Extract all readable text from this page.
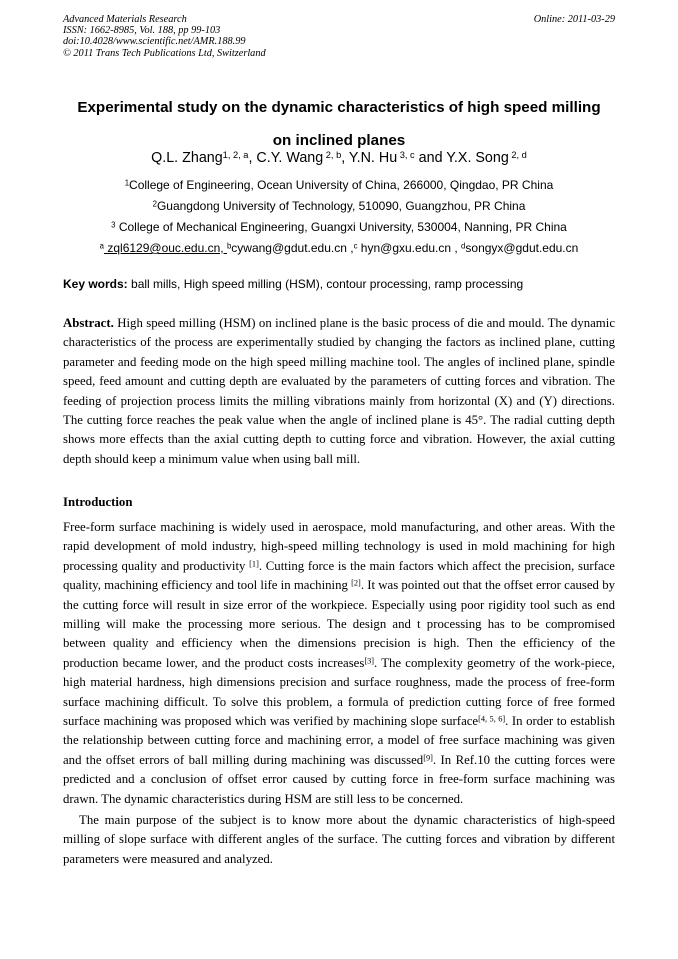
Advanced Materials Research
ISSN: 1662-8985, Vol. 188, pp 99-103
doi:10.4028/www.scientific.net/AMR.188.99
© 2011 Trans Tech Publications Ltd, Switzerland
Online: 2011-03-29
Experimental study on the dynamic characteristics of high speed milling
on inclined planes
Q.L. Zhang$^{1, 2, a}$, C.Y. Wang $^{2, b}$, Y.N. Hu $^{3, c}$ and Y.X. Song $^{2, d}$
$^1$College of Engineering, Ocean University of China, 266000, Qingdao, PR China
$^2$Guangdong University of Technology, 510090, Guangzhou, PR China
$^3$ College of Mechanical Engineering, Guangxi University, 530004, Nanning, PR China
$^a$ zql6129@ouc.edu.cn, $^b$cywang@gdut.edu.cn ,$^c$ hyn@gxu.edu.cn , $^d$songyx@gdut.edu.cn
Key words: ball mills, High speed milling (HSM), contour processing, ramp processing
Abstract. High speed milling (HSM) on inclined plane is the basic process of die and mould. The dynamic characteristics of the process are experimentally studied by changing the factors as inclined plane, cutting parameter and feeding mode on the high speed milling machine tool. The angles of inclined plane, spindle speed, feed amount and cutting depth are evaluated by the parameters of cutting forces and vibration. The feeding of projection process limits the milling vibrations mainly from horizontal (X) and (Y) directions. The cutting force reaches the peak value when the angle of inclined plane is 45°. The radial cutting depth shows more effects than the axial cutting depth to cutting force and vibration. However, the axial cutting depth should keep a minimum value when using ball mill.
Introduction
Free-form surface machining is widely used in aerospace, mold manufacturing, and other areas. With the rapid development of mold industry, high-speed milling technology is used in mold machining for high processing quality and productivity [1]. Cutting force is the main factors which affect the precision, surface quality, machining efficiency and tool life in machining [2]. It was pointed out that the offset error caused by the cutting force will result in size error of the workpiece. Especially using poor rigidity tool such as end milling will make the processing more serious. The design and t processing has to be compromised between quality and efficiency when the dimensions precision is high. Then the efficiency of the production became lower, and the product costs increases[3]. The complexity geometry of the work-piece, high material hardness, high dimensions precision and surface roughness, made the process of free-form surface machining difficult. To solve this problem, a formula of prediction cutting force of free formed surface machining was proposed which was verified by machining slope surface[4, 5, 6]. In order to establish the relationship between cutting force and machining error, a model of free surface machining was given and the offset errors of ball milling during machining was discussed[9]. In Ref.10 the cutting forces were predicted and a conclusion of offset error caused by cutting force in free-form surface machining was drawn. The dynamic characteristics during HSM are still less to be concerned.
The main purpose of the subject is to know more about the dynamic characteristics of high-speed milling of slope surface with different angles of the surface. The cutting forces and vibration by different parameters were measured and analyzed.
